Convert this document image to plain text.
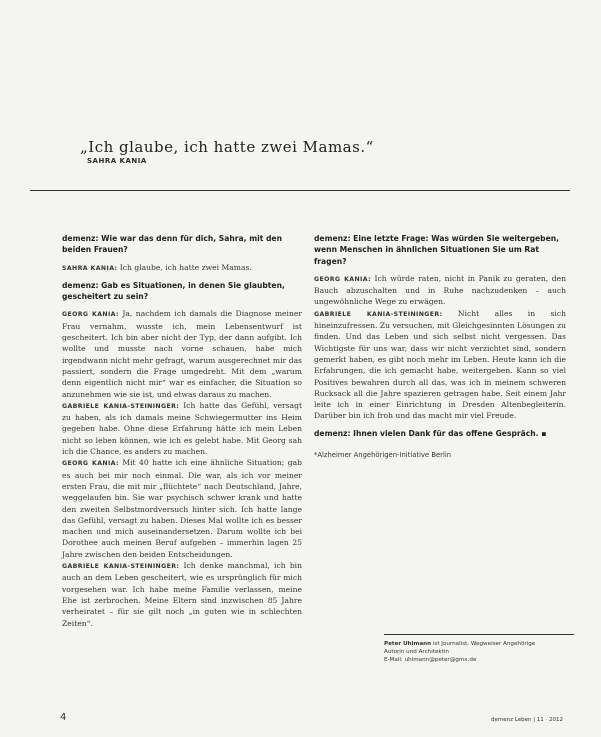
„Ich glaube, ich hatte zwei Mamas.“
SAHRA KANIA
demenz: Wie war das denn für dich, Sahra, mit den beiden Frauen?
SAHRA KANIA: Ich glaube, ich hatte zwei Mamas.
demenz: Gab es Situationen, in denen Sie glaubten, gescheitert zu sein?
GEORG KANIA: Ja, nachdem ich damals die Diagnose meiner Frau vernahm, wusste ich, mein Lebensentwurf ist gescheitert. Ich bin aber nicht der Typ, der dann aufgibt. Ich wollte und musste nach vorne schauen, habe mich irgendwann nicht mehr gefragt, warum ausgerechnet mir das passiert, sondern die Frage umgedreht. Mit dem „warum denn eigentlich nicht mir“ war es einfacher, die Situation so anzunehmen wie sie ist, und etwas daraus zu machen.
GABRIELE KANIA-STEININGER: Ich hatte das Gefühl, versagt zu haben, als ich damals meine Schwiegermutter ins Heim gegeben habe. Ohne diese Erfahrung hätte ich mein Leben nicht so leben können, wie ich es gelebt habe. Mit Georg sah ich die Chance, es anders zu machen.
GEORG KANIA: Mit 40 hatte ich eine ähnliche Situation; gab es auch bei mir noch einmal. Die war, als ich vor meiner ersten Frau, die mit mir „flüchtete“ nach Deutschland, Jahre, weggelaufen bin. Sie war psychisch schwer krank und hatte den zweiten Selbstmordversuch hinter sich. Ich hatte lange das Gefühl, versagt zu haben. Dieses Mal wollte ich es besser machen und mich auseinandersetzen. Darum wollte ich bei Dorothee auch meinen Beruf aufgeben – immerhin lagen 25 Jahre zwischen den beiden Entscheidungen.
GABRIELE KANIA-STEININGER: Ich denke manchmal, ich bin auch an dem Leben gescheitert, wie es ursprünglich für mich vorgesehen war. Ich habe meine Familie verlassen, meine Ehe ist zerbrochen. Meine Eltern sind inzwischen 85 Jahre verheiratet – für sie gilt noch „in guten wie in schlechten Zeiten“.
demenz: Eine letzte Frage: Was würden Sie weitergeben, wenn Menschen in ähnlichen Situationen Sie um Rat fragen?
GEORG KANIA: Ich würde raten, nicht in Panik zu geraten, den Bauch abzuschalten und in Ruhe nachzudenken – auch ungewöhnliche Wege zu erwägen.
GABRIELE KANIA-STEININGER: Nicht alles in sich hineinzufressen. Zu versuchen, mit Gleichgesinnten Lösungen zu finden. Und das Leben und sich selbst nicht vergessen. Das Wichtigste für uns war, dass wir nicht verzichtet sind, sondern gemerkt haben, es gibt noch mehr im Leben. Heute kann ich die Erfahrungen, die ich gemacht habe, weitergeben. Kann so viel Positives bewahren durch all das, was ich in meinem schweren Rucksack all die Jahre spazieren getragen habe. Seit einem Jahr leite ich in einer Einrichtung in Dresden Altenbegleiterin. Darüber bin ich froh und das macht mir viel Freude.
demenz: Ihnen vielen Dank für das offene Gespräch. ▪
*Alzheimer Angehörigen-Initiative Berlin
Peter Uhlmann ist Journalist, Wegweiser Angehörige
Autorin und Architektin
E-Mail: uhlmann@peter@gmx.de
4	demenz Leben | 11 · 2012
